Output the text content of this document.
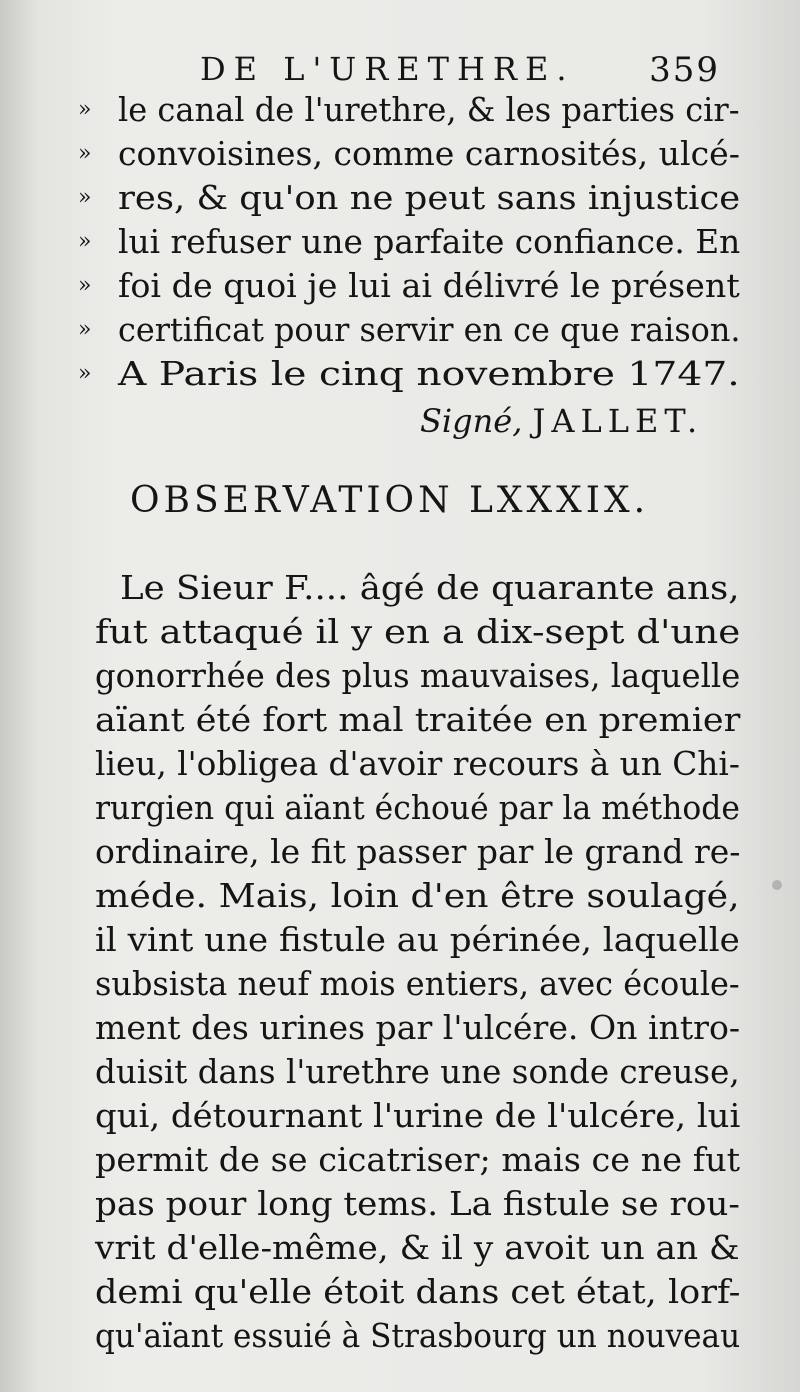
DE L'URETHRE. 359
» le canal de l'urethre, & les parties cir-
» convoisines, comme carnosités, ulcé-
» res, & qu'on ne peut sans injustice
» lui refuser une parfaite confiance. En
» foi de quoi je lui ai délivré le présent
» certificat pour servir en ce que raison.
» A Paris le cinq novembre 1747.
Signé, JALLET.
OBSERVATION LXXXIX.
Le Sieur F.... âgé de quarante ans,
fut attaqué il y en a dix-sept d'une
gonorrhée des plus mauvaises, laquelle
aïant été fort mal traitée en premier
lieu, l'obligea d'avoir recours à un Chi-
rurgien qui aïant échoué par la méthode
ordinaire, le fit passer par le grand re-
méde. Mais, loin d'en être soulagé,
il vint une fistule au périnée, laquelle
subsista neuf mois entiers, avec écoule-
ment des urines par l'ulcére. On intro-
duisit dans l'urethre une sonde creuse,
qui, détournant l'urine de l'ulcére, lui
permit de se cicatriser; mais ce ne fut
pas pour long tems. La fistule se rou-
vrit d'elle-même, & il y avoit un an &
demi qu'elle étoit dans cet état, lorf-
qu'aïant essuié à Strasbourg un nouveau
